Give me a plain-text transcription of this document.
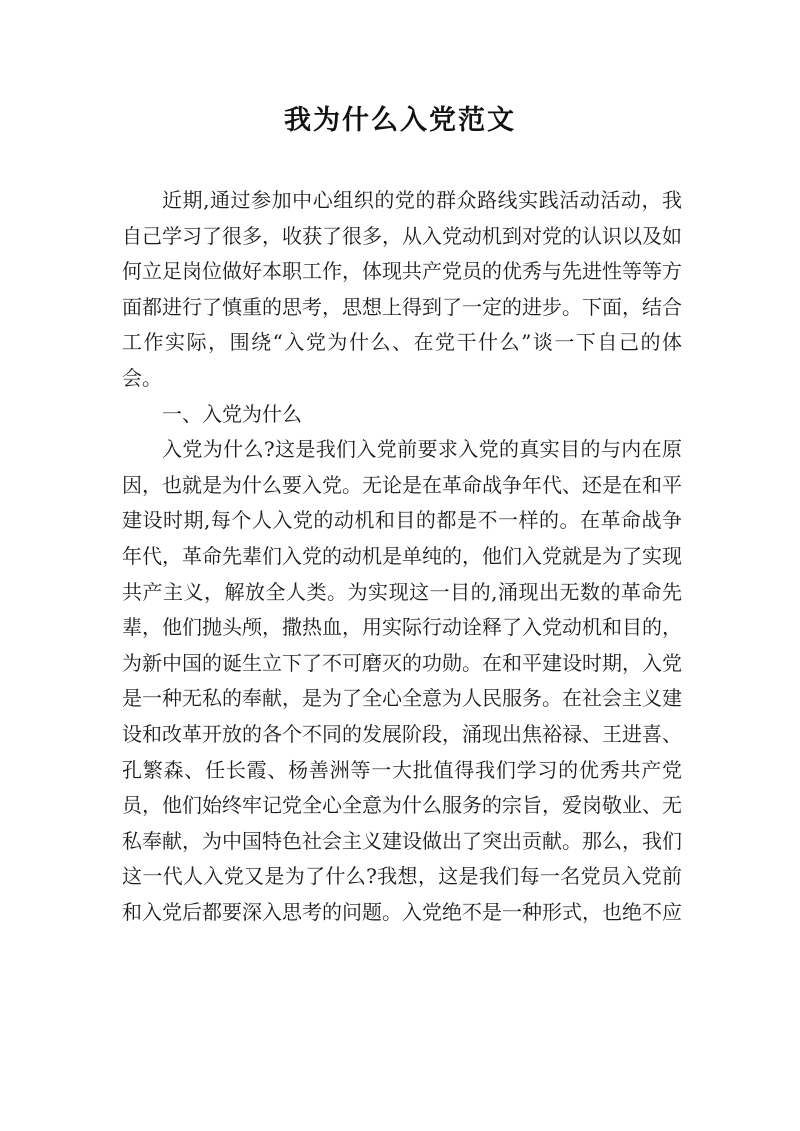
我为什么入党范文

近期,通过参加中心组织的党的群众路线实践活动活动，我自己学习了很多，收获了很多，从入党动机到对党的认识以及如何立足岗位做好本职工作，体现共产党员的优秀与先进性等等方面都进行了慎重的思考，思想上得到了一定的进步。下面，结合工作实际，围绕“入党为什么、在党干什么”谈一下自己的体会。

一、入党为什么

入党为什么?这是我们入党前要求入党的真实目的与内在原因，也就是为什么要入党。无论是在革命战争年代、还是在和平建设时期,每个人入党的动机和目的都是不一样的。在革命战争年代，革命先辈们入党的动机是单纯的，他们入党就是为了实现共产主义，解放全人类。为实现这一目的,涌现出无数的革命先辈，他们抛头颅，撒热血，用实际行动诠释了入党动机和目的，为新中国的诞生立下了不可磨灭的功勋。在和平建设时期，入党是一种无私的奉献，是为了全心全意为人民服务。在社会主义建设和改革开放的各个不同的发展阶段，涌现出焦裕禄、王进喜、孔繁森、任长霞、杨善洲等一大批值得我们学习的优秀共产党员，他们始终牢记党全心全意为什么服务的宗旨，爱岗敬业、无私奉献，为中国特色社会主义建设做出了突出贡献。那么，我们这一代人入党又是为了什么?我想，这是我们每一名党员入党前和入党后都要深入思考的问题。入党绝不是一种形式，也绝不应
